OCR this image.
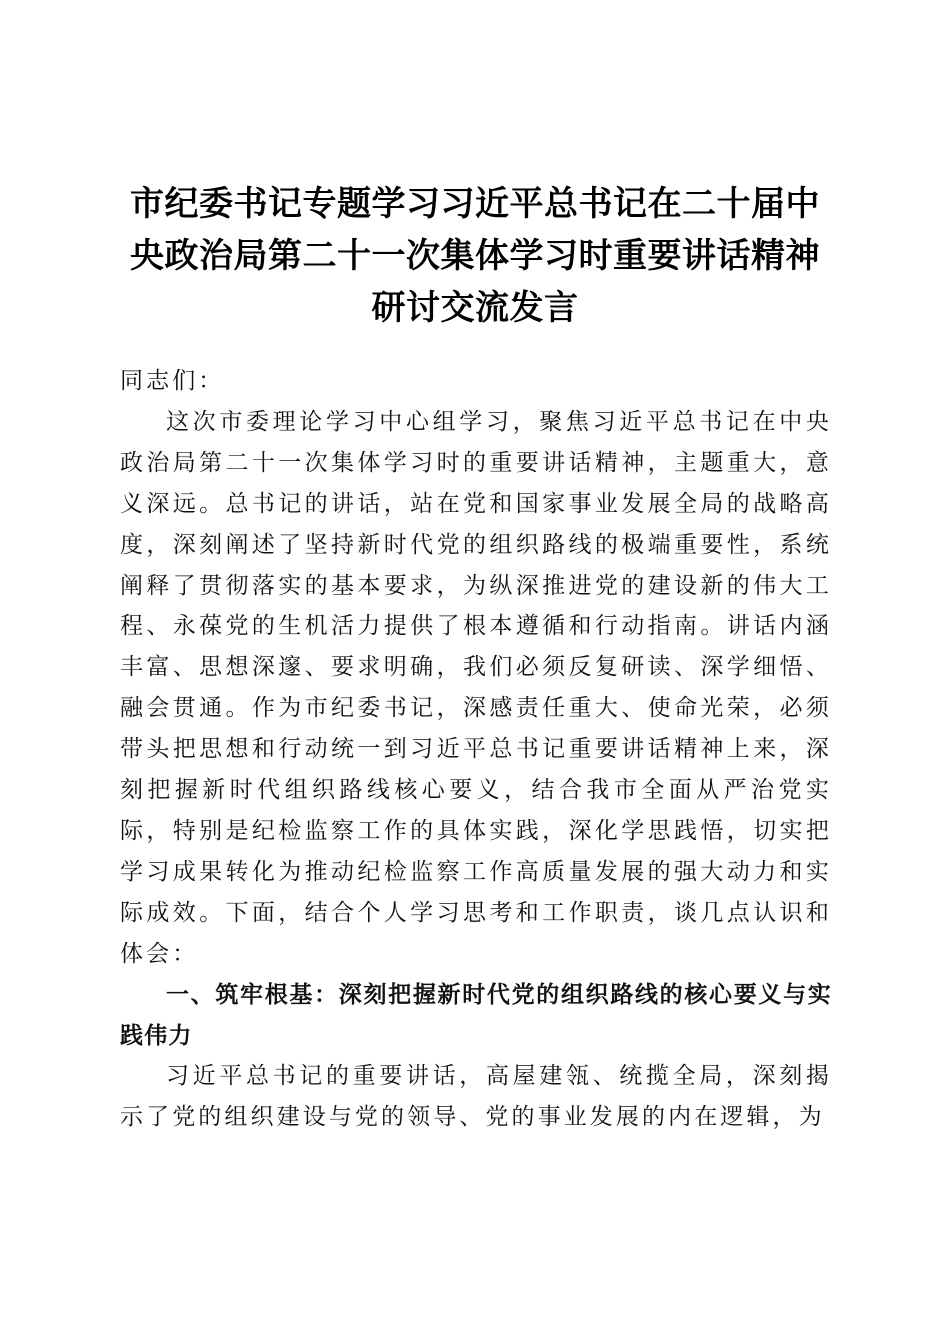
市纪委书记专题学习习近平总书记在二十届中
央政治局第二十一次集体学习时重要讲话精神
研讨交流发言

同志们：

这次市委理论学习中心组学习，聚焦习近平总书记在中央政治局第二十一次集体学习时的重要讲话精神，主题重大，意义深远。总书记的讲话，站在党和国家事业发展全局的战略高度，深刻阐述了坚持新时代党的组织路线的极端重要性，系统阐释了贯彻落实的基本要求，为纵深推进党的建设新的伟大工程、永葆党的生机活力提供了根本遵循和行动指南。讲话内涵丰富、思想深邃、要求明确，我们必须反复研读、深学细悟、融会贯通。作为市纪委书记，深感责任重大、使命光荣，必须带头把思想和行动统一到习近平总书记重要讲话精神上来，深刻把握新时代组织路线核心要义，结合我市全面从严治党实际，特别是纪检监察工作的具体实践，深化学思践悟，切实把学习成果转化为推动纪检监察工作高质量发展的强大动力和实际成效。下面，结合个人学习思考和工作职责，谈几点认识和体会：

一、筑牢根基：深刻把握新时代党的组织路线的核心要义与实践伟力

习近平总书记的重要讲话，高屋建瓴、统揽全局，深刻揭示了党的组织建设与党的领导、党的事业发展的内在逻辑，为
